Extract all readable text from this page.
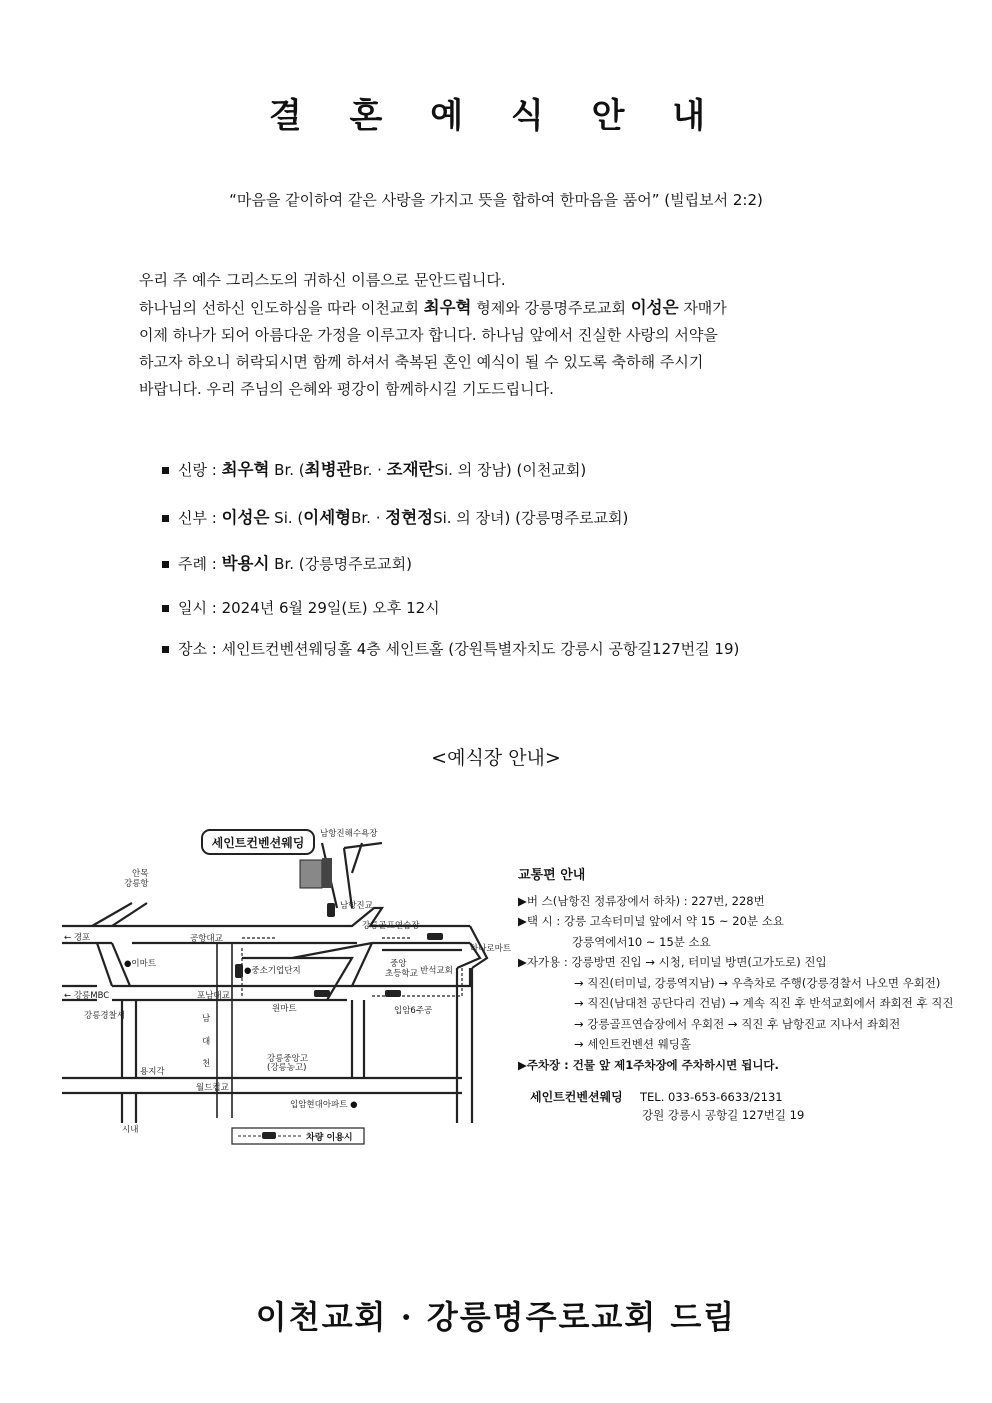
결 혼 예 식 안 내
“마음을 같이하여 같은 사랑을 가지고 뜻을 합하여 한마음을 품어” (빌립보서 2:2)
우리 주 예수 그리스도의 귀하신 이름으로 문안드립니다.
하나님의 선하신 인도하심을 따라 이천교회 최우혁 형제와 강릉명주로교회 이성은 자매가
이제 하나가 되어 아름다운 가정을 이루고자 합니다. 하나님 앞에서 진실한 사랑의 서약을
하고자 하오니 허락되시면 함께 하셔서 축복된 혼인 예식이 될 수 있도록 축하해 주시기
바랍니다. 우리 주님의 은혜와 평강이 함께하시길 기도드립니다.
신랑 : 최우혁 Br. (최병관Br. · 조재란Si. 의 장남) (이천교회)
신부 : 이성은 Si. (이세형Br. · 정현정Si. 의 장녀) (강릉명주로교회)
주례 : 박용시 Br. (강릉명주로교회)
일시 : 2024년 6월 29일(토) 오후 12시
장소 : 세인트컨벤션웨딩홀 4층 세인트홀 (강원특별자치도 강릉시 공항길127번길 19)
<예식장 안내>
세인트컨벤션웨딩
남항진해수욕장
안목
강릉항
남항진교
강릉골프연습장
← 경포	공항대교
하나로마트
●이마트
●중소기업단지
중앙
초등학교 반석교회
← 강릉MBC	포남대교
원마트
강릉경찰서	입암6주공
남
대
천	강릉중앙고
(강릉농고)
용지각
월드컵교
입암현대아파트 ●
시내
차량 이용시
교통편 안내
▶버 스(남항진 정류장에서 하차) : 227번, 228번
▶택 시 : 강릉 고속터미널 앞에서 약 15 ~ 20분 소요
강릉역에서10 ~ 15분 소요
▶자가용 : 강릉방면 진입 → 시청, 터미널 방면(고가도로) 진입
→ 직진(터미널, 강릉역지남) → 우측차로 주행(강릉경찰서 나오면 우회전)
→ 직진(남대천 공단다리 건넘) → 계속 직진 후 반석교회에서 좌회전 후 직진
→ 강릉골프연습장에서 우회전 → 직진 후 남항진교 지나서 좌회전
→ 세인트컨벤션 웨딩홀
▶주차장 : 건물 앞 제1주차장에 주차하시면 됩니다.
세인트컨벤션웨딩 TEL. 033-653-6633/2131
강원 강릉시 공항길 127번길 19
이천교회 · 강릉명주로교회 드림
